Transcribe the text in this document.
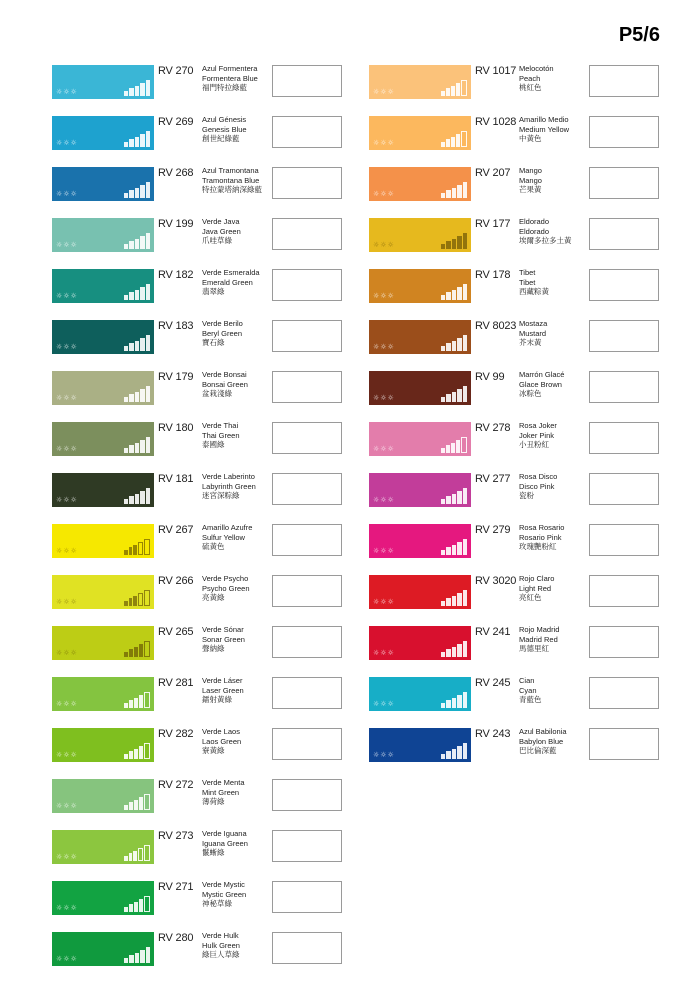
P5/6
☼☼☼
RV 270 Azul Formentera
Formentera Blue
福門特拉綠藍
☼☼☼
RV 269 Azul Génesis
Genesis Blue
創世紀綠藍
☼☼☼
RV 268 Azul Tramontana
Tramontana Blue
特拉蒙塔納深綠藍
☼☼☼
RV 199 Verde Java
Java Green
爪哇草綠
☼☼☼
RV 182 Verde Esmeralda
Emerald Green
翡翠綠
☼☼☼
RV 183 Verde Berilo
Beryl Green
寶石綠
☼☼☼
RV 179 Verde Bonsai
Bonsai Green
盆栽淺綠
☼☼☼
RV 180 Verde Thai
Thai Green
泰國綠
☼☼☼
RV 181 Verde Laberinto
Labyrinth Green
迷宮深粽綠
☼☼☼
RV 267 Amarillo Azufre
Sulfur Yellow
硫黃色
☼☼☼
RV 266 Verde Psycho
Psycho Green
亮黃綠
☼☼☼
RV 265 Verde Sónar
Sonar Green
聲納綠
☼☼☼
RV 281 Verde Láser
Laser Green
鐳射黃綠
☼☼☼
RV 282 Verde Laos
Laos Green
寮黃綠
☼☼☼
RV 272 Verde Menta
Mint Green
薄荷綠
☼☼☼
RV 273 Verde Iguana
Iguana Green
鬣蜥綠
☼☼☼
RV 271 Verde Mystic
Mystic Green
神秘草綠
☼☼☼
RV 280 Verde Hulk
Hulk Green
綠巨人草綠
☼☼☼
RV 1017 Melocotón
Peach
桃紅色
☼☼☼
RV 1028 Amarillo Medio
Medium Yellow
中黃色
☼☼☼
RV 207 Mango
Mango
芒果黃
☼☼☼
RV 177 Eldorado
Eldorado
埃爾多拉多土黃
☼☼☼
RV 178 Tibet
Tibet
西藏粽黃
☼☼☼
RV 8023 Mostaza
Mustard
芥末黃
☼☼☼
RV 99 Marrón Glacé
Glace Brown
冰粽色
☼☼☼
RV 278 Rosa Joker
Joker Pink
小丑粉紅
☼☼☼
RV 277 Rosa Disco
Disco Pink
瓷粉
☼☼☼
RV 279 Rosa Rosario
Rosario Pink
玫瑰艷粉紅
☼☼☼
RV 3020 Rojo Claro
Light Red
亮紅色
☼☼☼
RV 241 Rojo Madrid
Madrid Red
馬德里紅
☼☼☼
RV 245 Cian
Cyan
青藍色
☼☼☼
RV 243 Azul Babilonia
Babylon Blue
巴比倫深藍
